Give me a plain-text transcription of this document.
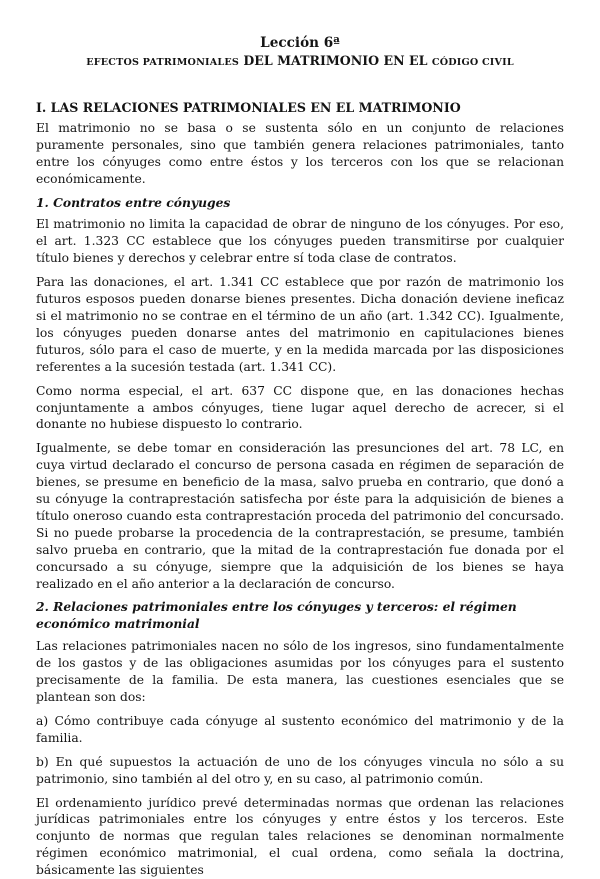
Lección 6ª
EFECTOS PATRIMONIALES DEL MATRIMONIO EN EL CÓDIGO CIVIL
I. LAS RELACIONES PATRIMONIALES EN EL MATRIMONIO

El matrimonio no se basa o se sustenta sólo en un conjunto de relaciones puramente personales, sino que también genera relaciones patrimoniales, tanto entre los cónyuges como entre éstos y los terceros con los que se relacionan económicamente.

1. Contratos entre cónyuges

El matrimonio no limita la capacidad de obrar de ninguno de los cónyuges. Por eso, el art. 1.323 CC establece que los cónyuges pueden transmitirse por cualquier título bienes y derechos y celebrar entre sí toda clase de contratos.

Para las donaciones, el art. 1.341 CC establece que por razón de matrimonio los futuros esposos pueden donarse bienes presentes. Dicha donación deviene ineficaz si el matrimonio no se contrae en el término de un año (art. 1.342 CC). Igualmente, los cónyuges pueden donarse antes del matrimonio en capitulaciones bienes futuros, sólo para el caso de muerte, y en la medida marcada por las disposiciones referentes a la sucesión testada (art. 1.341 CC).

Como norma especial, el art. 637 CC dispone que, en las donaciones hechas conjuntamente a ambos cónyuges, tiene lugar aquel derecho de acrecer, si el donante no hubiese dispuesto lo contrario.

Igualmente, se debe tomar en consideración las presunciones del art. 78 LC, en cuya virtud declarado el concurso de persona casada en régimen de separación de bienes, se presume en beneficio de la masa, salvo prueba en contrario, que donó a su cónyuge la contraprestación satisfecha por éste para la adquisición de bienes a título oneroso cuando esta contraprestación proceda del patrimonio del concursado. Si no puede probarse la procedencia de la contraprestación, se presume, también salvo prueba en contrario, que la mitad de la contraprestación fue donada por el concursado a su cónyuge, siempre que la adquisición de los bienes se haya realizado en el año anterior a la declaración de concurso.

2. Relaciones patrimoniales entre los cónyuges y terceros: el régimen económico matrimonial

Las relaciones patrimoniales nacen no sólo de los ingresos, sino fundamentalmente de los gastos y de las obligaciones asumidas por los cónyuges para el sustento precisamente de la familia. De esta manera, las cuestiones esenciales que se plantean son dos:

a) Cómo contribuye cada cónyuge al sustento económico del matrimonio y de la familia.

b) En qué supuestos la actuación de uno de los cónyuges vincula no sólo a su patrimonio, sino también al del otro y, en su caso, al patrimonio común.

El ordenamiento jurídico prevé determinadas normas que ordenan las relaciones jurídicas patrimoniales entre los cónyuges y entre éstos y los terceros. Este conjunto de normas que regulan tales relaciones se denominan normalmente régimen económico matrimonial, el cual ordena, como señala la doctrina, básicamente las siguientes
